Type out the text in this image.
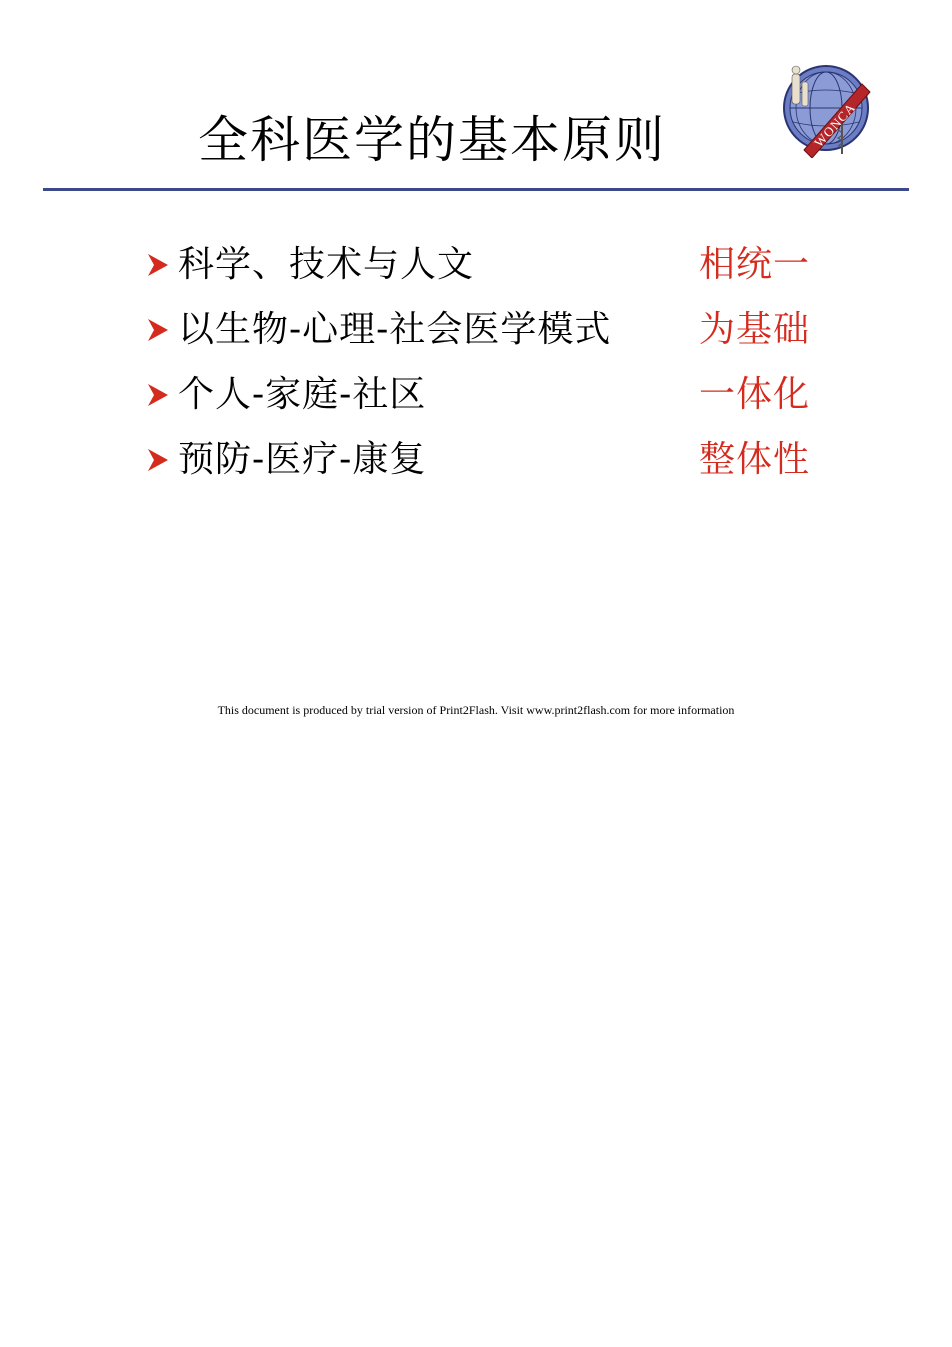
全科医学的基本原则	WONCA
科学、技术与人文	相统一
以生物-心理-社会医学模式 为基础
个人-家庭-社区	一体化
预防-医疗-康复	整体性
This document is produced by trial version of Print2Flash. Visit www.print2flash.com for more information
